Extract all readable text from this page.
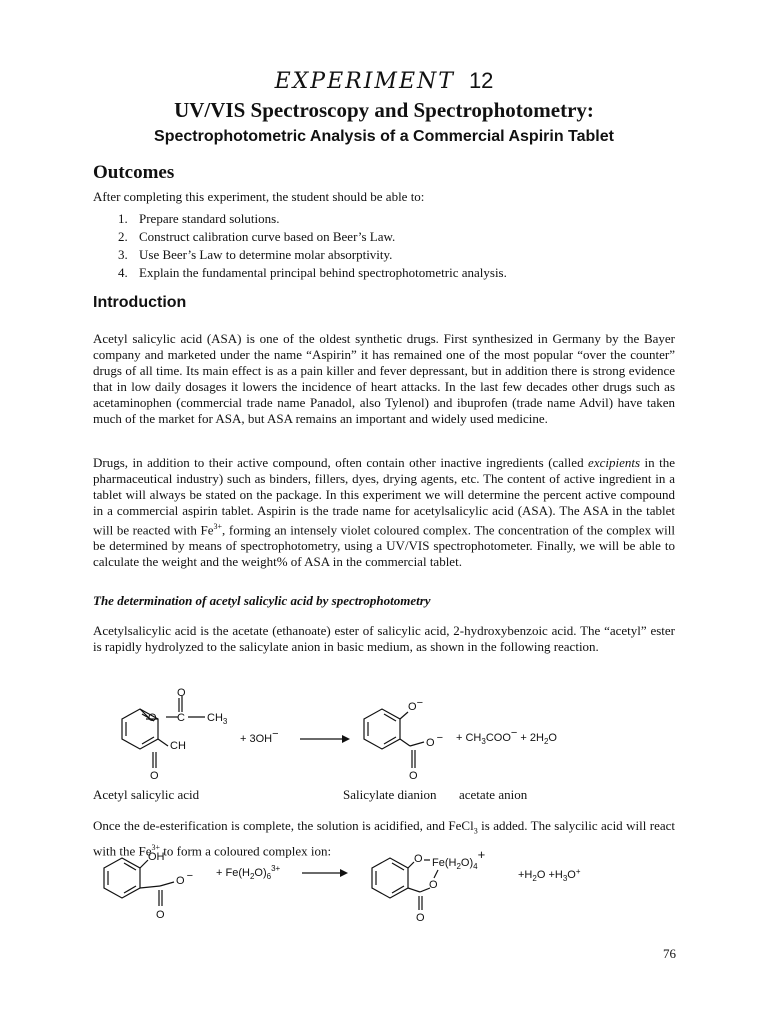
EXPERIMENT 12
UV/VIS Spectroscopy and Spectrophotometry:
Spectrophotometric Analysis of a Commercial Aspirin Tablet
Outcomes
After completing this experiment, the student should be able to:
1. Prepare standard solutions.
2. Construct calibration curve based on Beer’s Law.
3. Use Beer’s Law to determine molar absorptivity.
4. Explain the fundamental principal behind spectrophotometric analysis.
Introduction
Acetyl salicylic acid (ASA) is one of the oldest synthetic drugs. First synthesized in Germany by the Bayer company and marketed under the name “Aspirin” it has remained one of the most popular “over the counter” drugs of all time. Its main effect is as a pain killer and fever depressant, but in addition there is strong evidence that in low daily dosages it lowers the incidence of heart attacks. In the last few decades other drugs such as acetaminophen (commercial trade name Panadol, also Tylenol) and ibuprofen (trade name Advil) have taken much of the market for ASA, but ASA remains an important and widely used medicine.
Drugs, in addition to their active compound, often contain other inactive ingredients (called excipients in the pharmaceutical industry) such as binders, fillers, dyes, drying agents, etc. The content of active ingredient in a tablet will always be stated on the package. In this experiment we will determine the percent active compound in a commercial aspirin tablet. Aspirin is the trade name for acetylsalicylic acid (ASA). The ASA in the tablet will be reacted with $Fe^{3+}$, forming an intensely violet coloured complex. The concentration of the complex will be determined by means of spectrophotometry, using a UV/VIS spectrophotometer. Finally, we will be able to calculate the weight and the weight% of ASA in the commercial tablet.
The determination of acetyl salicylic acid by spectrophotometry
Acetylsalicylic acid is the acetate (ethanoate) ester of salicylic acid, 2-hydroxybenzoic acid. The “acetyl” ester is rapidly hydrolyzed to the salicylate anion in basic medium, as shown in the following reaction.
O
O C $CH_3$
CH
O
+ 3OH−
O−
O −
O
+ $CH_3COO- + 2H_2O$
Acetyl salicylic acid	Salicylate dianion acetate anion
Once the de-esterification is complete, the solution is acidified, and FeCl$_3$ is added. The salycilic acid will react with the $Fe^{3+}$ to form a coloured complex ion:
OH
O −
O
+ $Fe(H_2O)_6^{3+}$
O $Fe(H_2O)_4+$
O
O
$+H_2O +H_3O^+$
76
